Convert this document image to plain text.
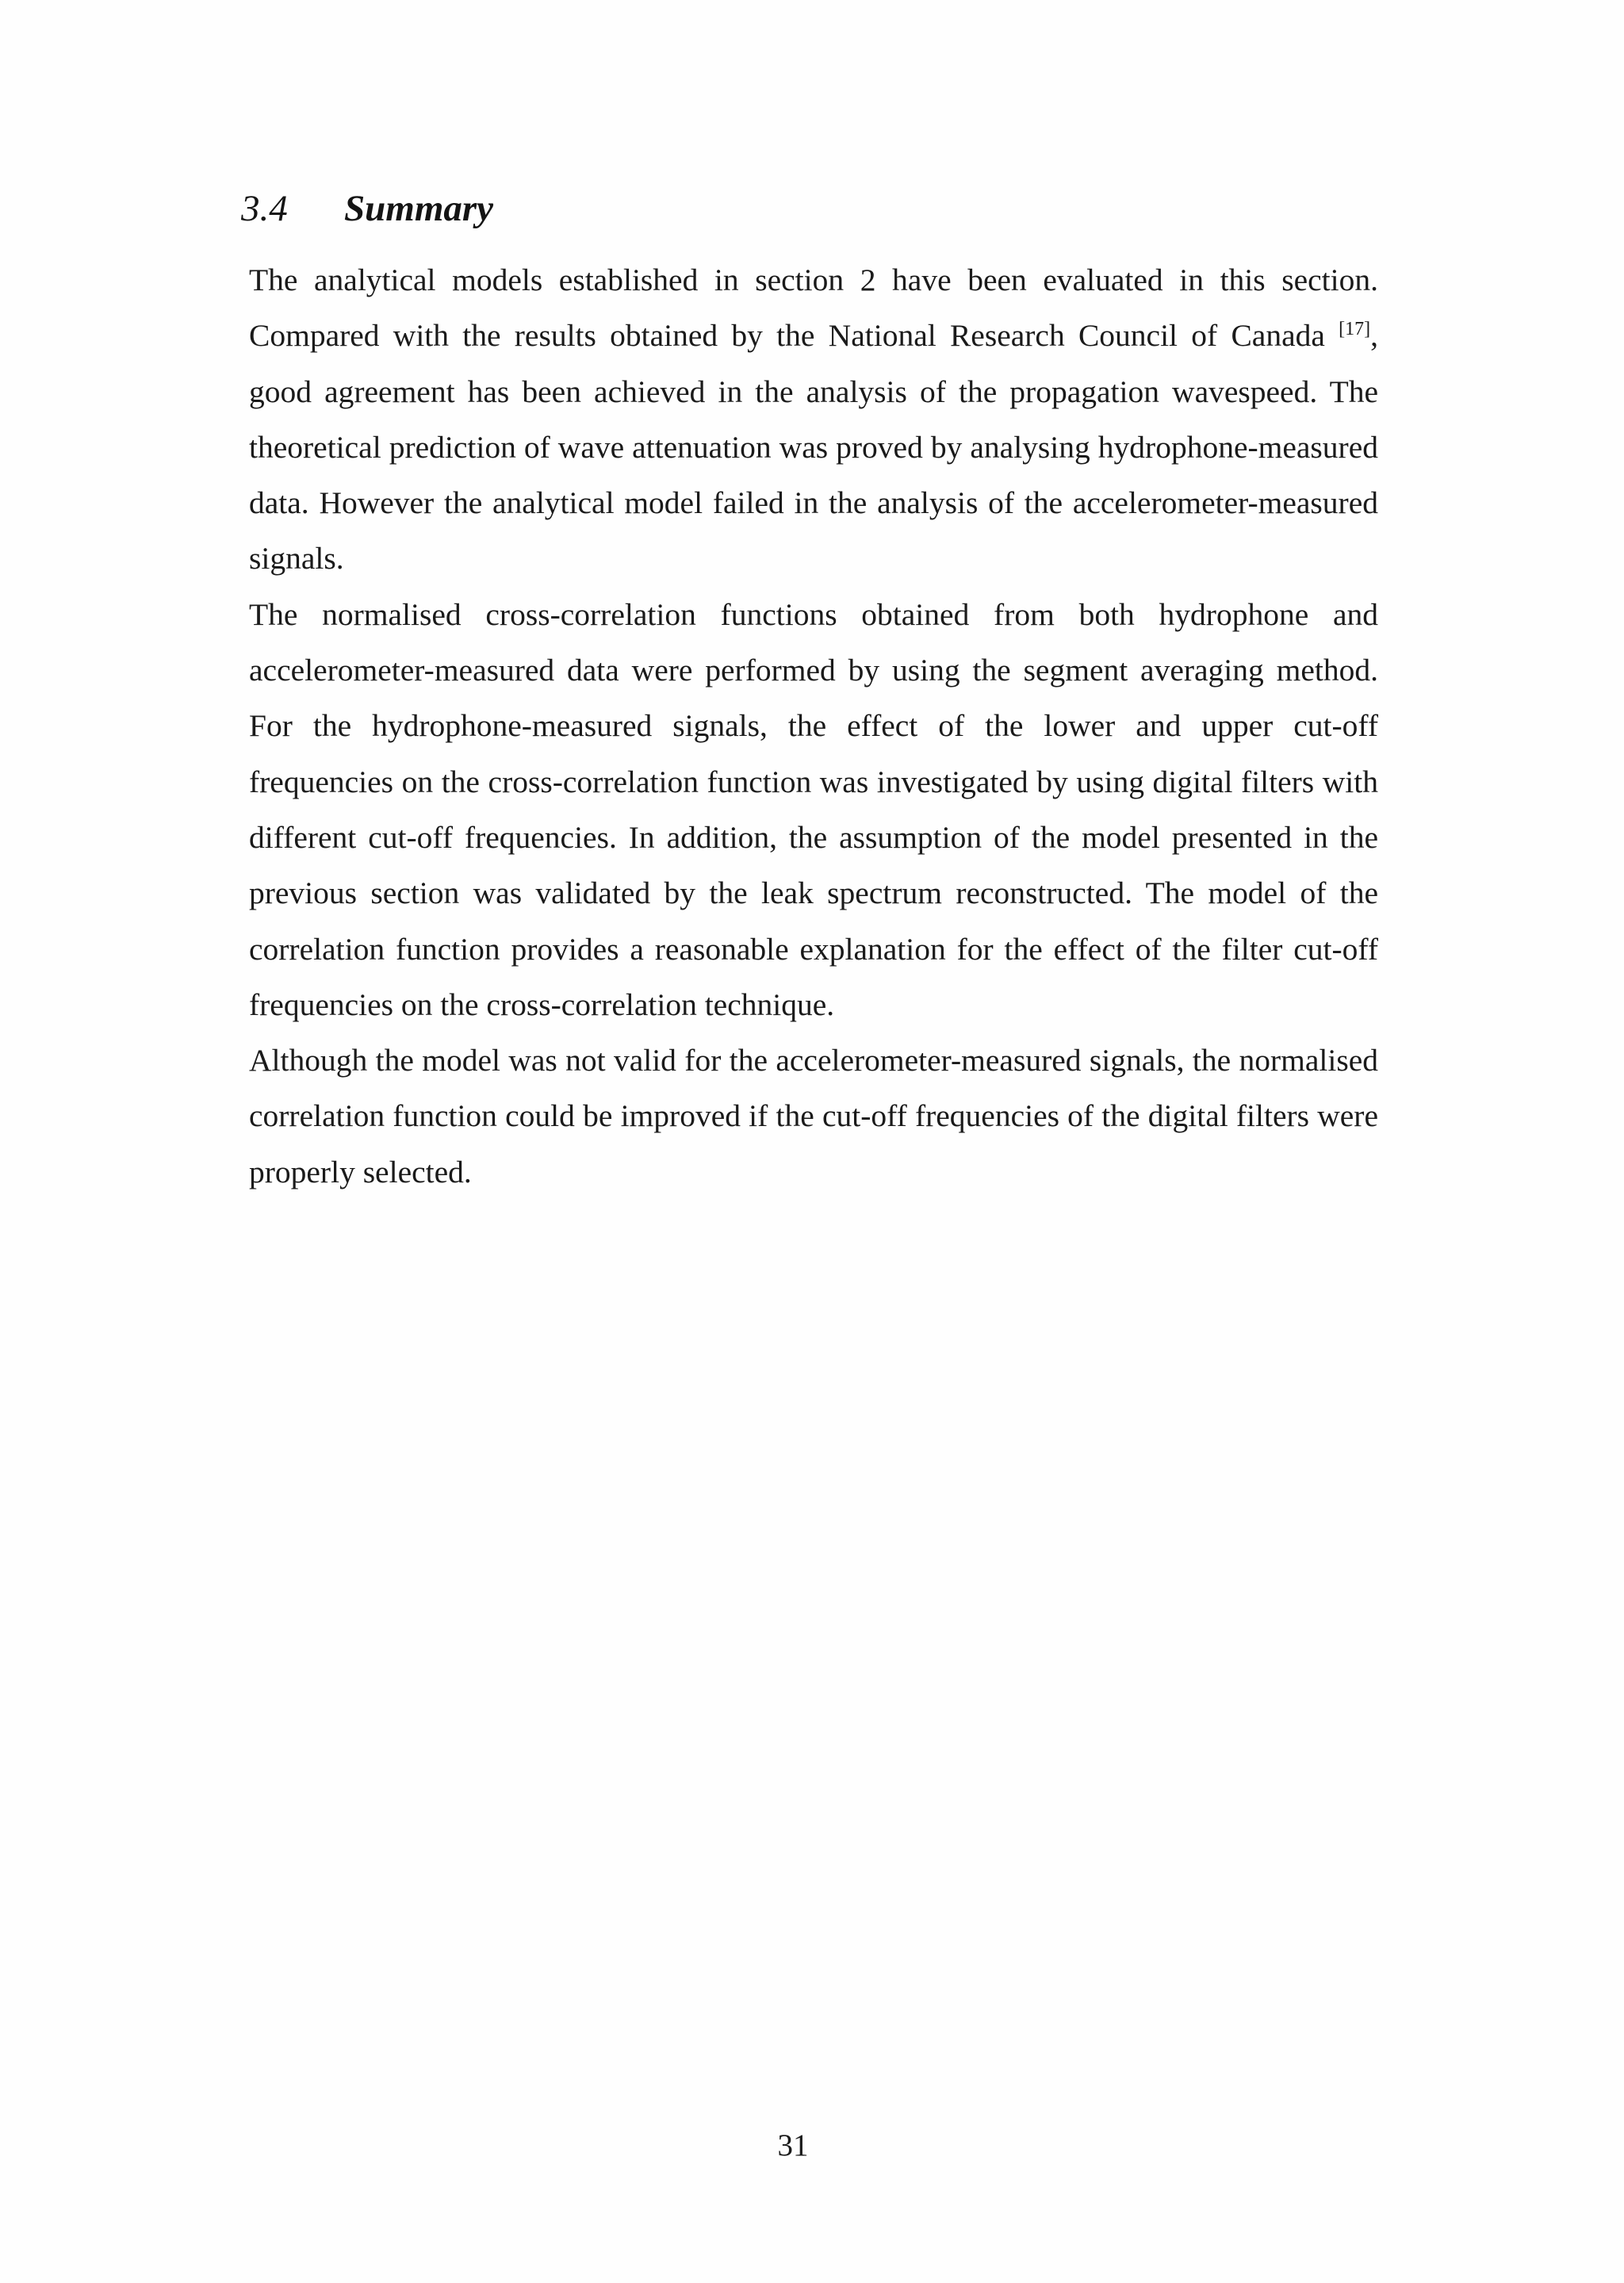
3.4 Summary

The analytical models established in section 2 have been evaluated in this section. Compared with the results obtained by the National Research Council of Canada [17], good agreement has been achieved in the analysis of the propagation wavespeed. The theoretical prediction of wave attenuation was proved by analysing hydrophone-measured data. However the analytical model failed in the analysis of the accelerometer-measured signals.

The normalised cross-correlation functions obtained from both hydrophone and accelerometer-measured data were performed by using the segment averaging method. For the hydrophone-measured signals, the effect of the lower and upper cut-off frequencies on the cross-correlation function was investigated by using digital filters with different cut-off frequencies. In addition, the assumption of the model presented in the previous section was validated by the leak spectrum reconstructed. The model of the correlation function provides a reasonable explanation for the effect of the filter cut-off frequencies on the cross-correlation technique.

Although the model was not valid for the accelerometer-measured signals, the normalised correlation function could be improved if the cut-off frequencies of the digital filters were properly selected.

31
